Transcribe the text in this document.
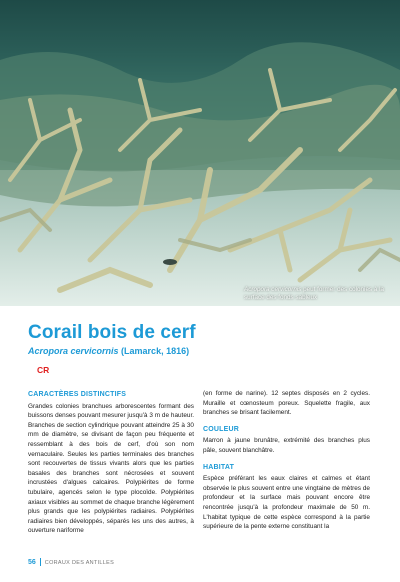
Acropora cervicornis peut former des colonies à la surface des fonds sableux
Corail bois de cerf
Acropora cervicornis (Lamarck, 1816)
CR
CARACTÈRES DISTINCTIFS

Grandes colonies branchues arborescentes formant des buissons denses pouvant mesurer jusqu'à 3 m de hauteur. Branches de section cylindrique pouvant atteindre 25 à 30 mm de diamètre, se divisant de façon peu fréquente et ressemblant à des bois de cerf, d'où son nom vernaculaire. Seules les parties terminales des branches sont recouvertes de tissus vivants alors que les parties basales des branches sont nécrosées et souvent incrustées d'algues calcaires. Polypiérites de forme tubulaire, agencés selon le type plocoïde. Polypiérites axiaux visibles au sommet de chaque branche légèrement plus grands que les polypiérites radiaires. Polypiérites radiaires bien développés, séparés les uns des autres, à ouverture nariforme

(en forme de narine). 12 septes disposés en 2 cycles. Muraille et cœnosteum poreux. Squelette fragile, aux branches se brisant facilement.

COULEUR

Marron à jaune brunâtre, extrémité des branches plus pâle, souvent blanchâtre.

HABITAT

Espèce préférant les eaux claires et calmes et étant observée le plus souvent entre une vingtaine de mètres de profondeur et la surface mais pouvant encore être rencontrée jusqu'à la profondeur maximale de 50 m. L'habitat typique de cette espèce correspond à la partie supérieure de la pente externe constituant la

56 CORAUX DES ANTILLES
